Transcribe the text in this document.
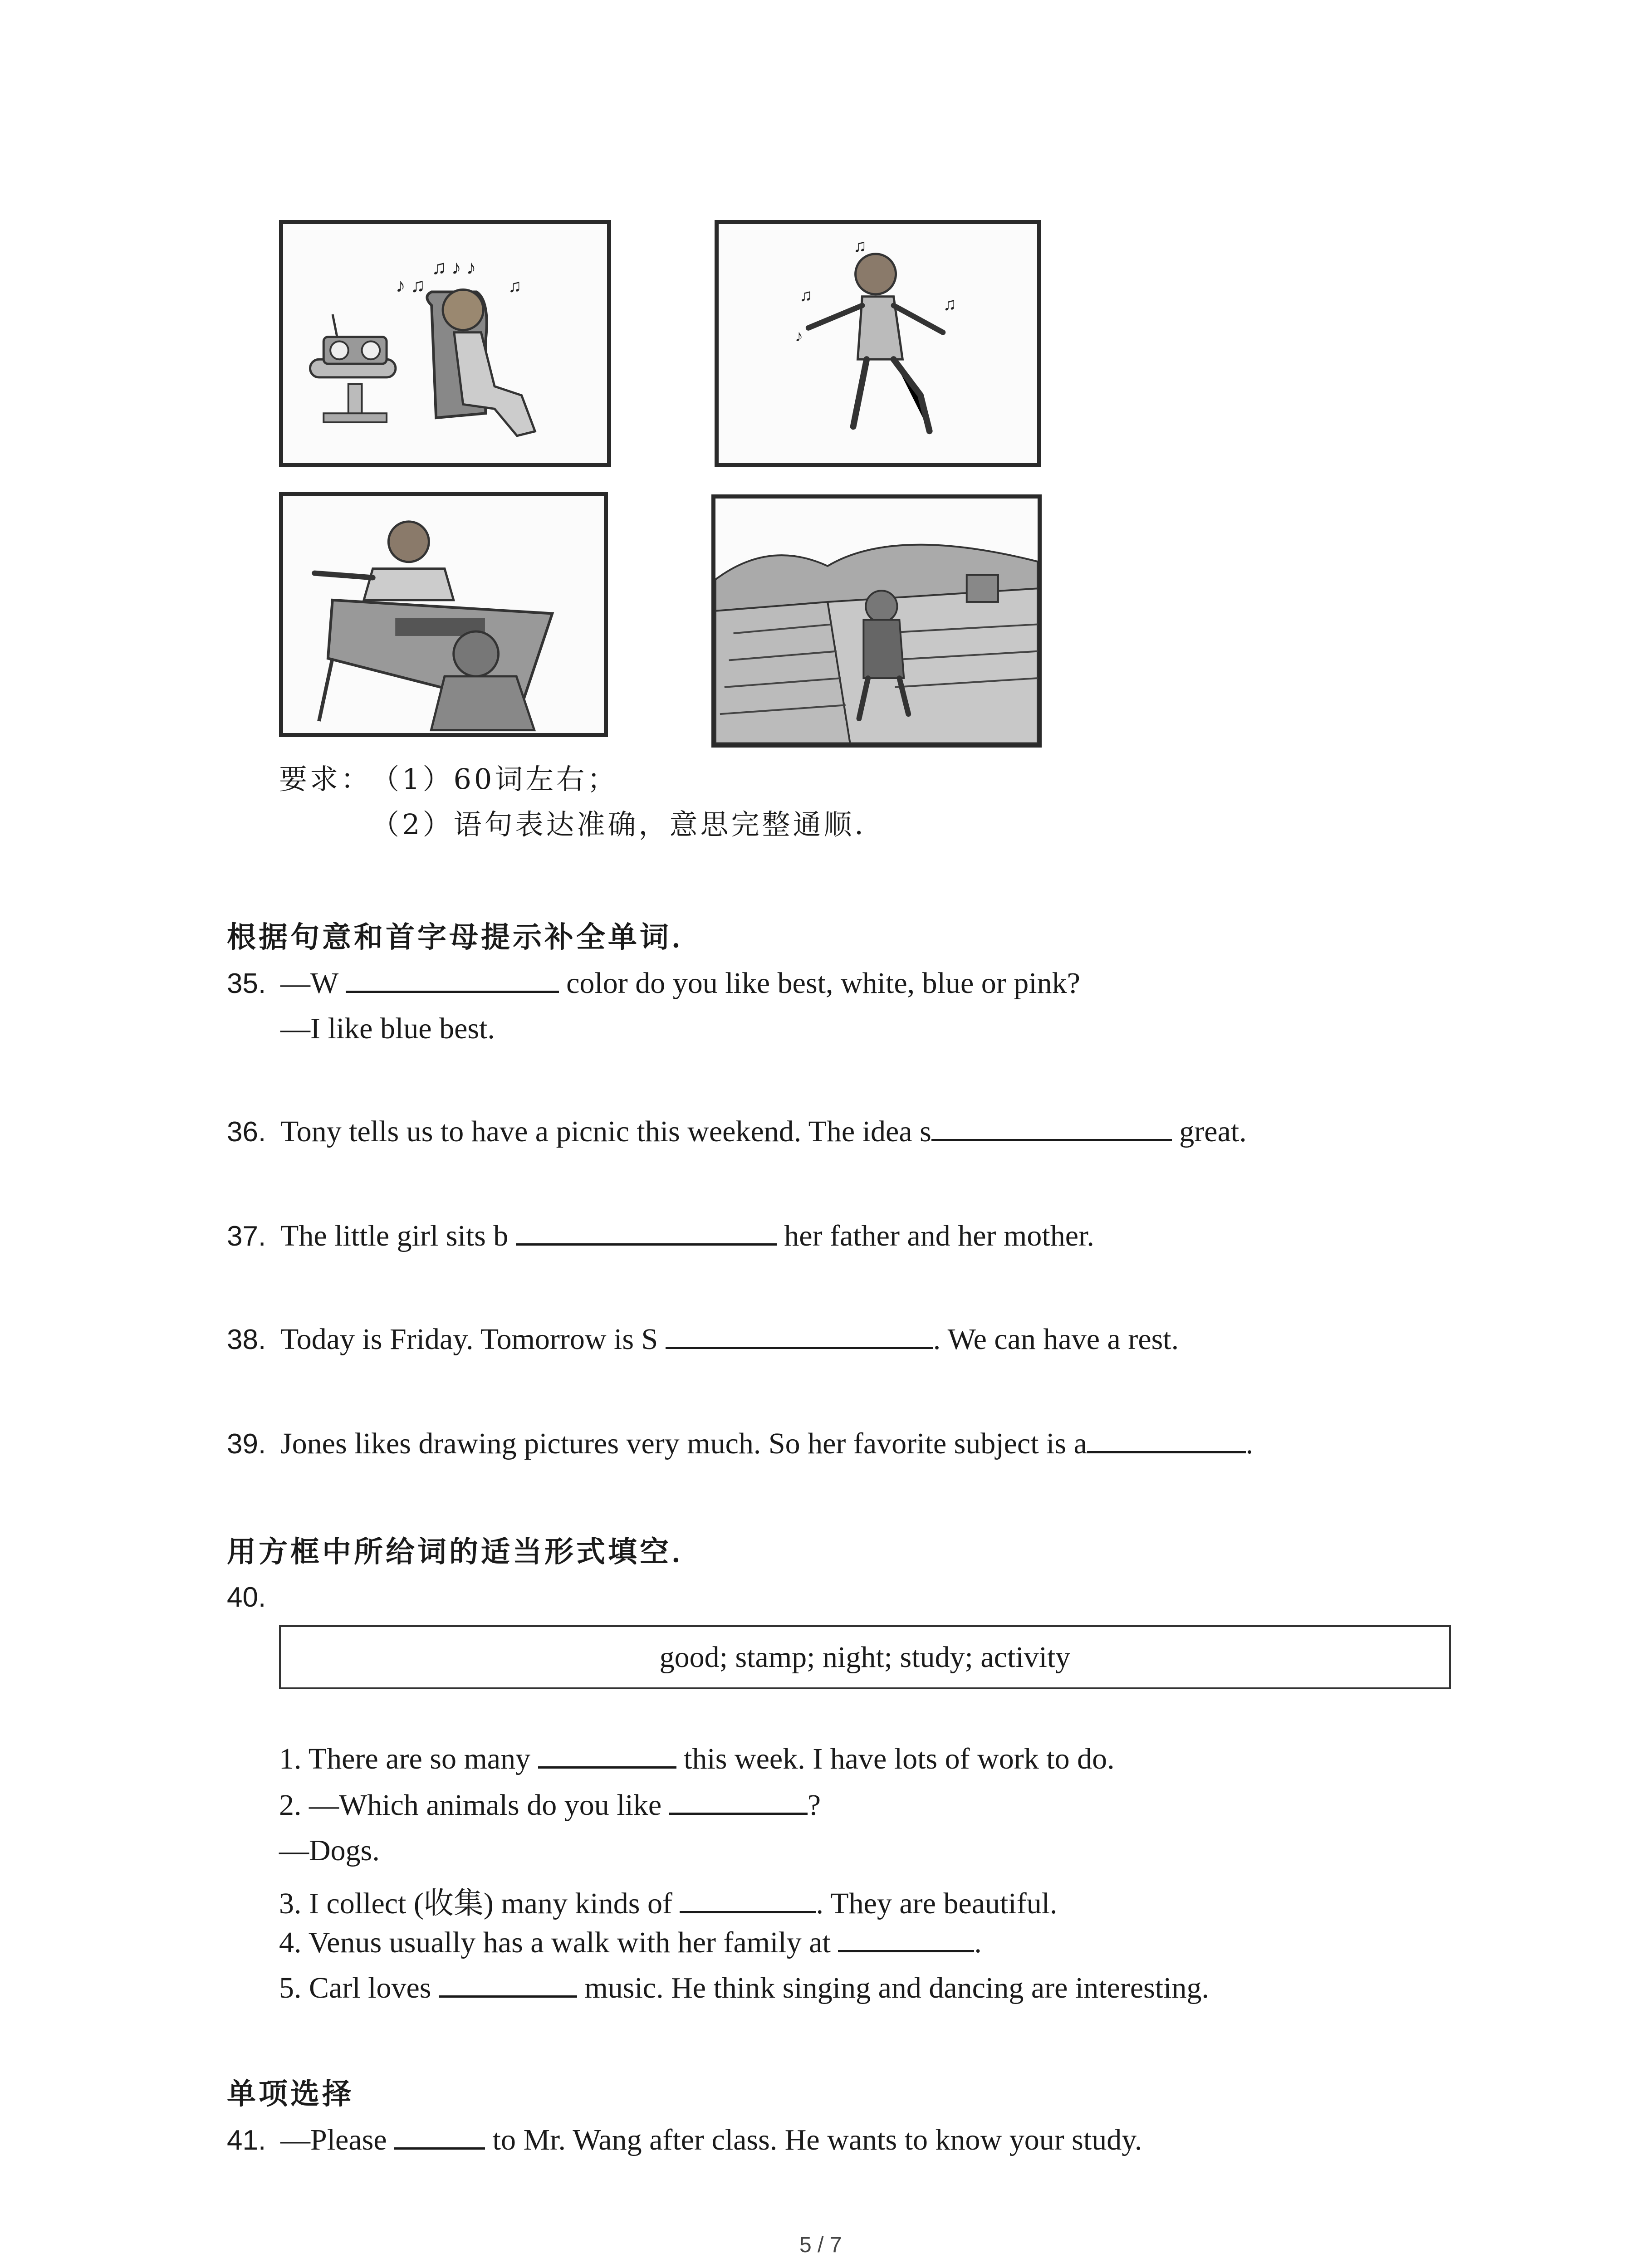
♪ ♫
♫ ♪ ♪
♫
♫
♫	♫
♪
要求：
（1）60词左右；
（2）语句表达准确，意思完整通顺．
根据句意和首字母提示补全单词．
35. —W	color do you like best, white, blue or pink?
—I like blue best.
36. Tony tells us to have a picnic this weekend. The idea s	great.
37. The little girl sits b	her father and her mother.
38. Today is Friday. Tomorrow is S	. We can have a rest.
39. Jones likes drawing pictures very much. So her favorite subject is a	.
用方框中所给词的适当形式填空．
40.
good; stamp; night; study; activity
1. There are so many	this week. I have lots of work to do.
2. —Which animals do you like	?
—Dogs.
3. I collect (收集) many kinds of	. They are beautiful.
4. Venus usually has a walk with her family at	.
5. Carl loves	music. He think singing and dancing are interesting.
单项选择
41. —Please	to Mr. Wang after class. He wants to know your study.
5 / 7
